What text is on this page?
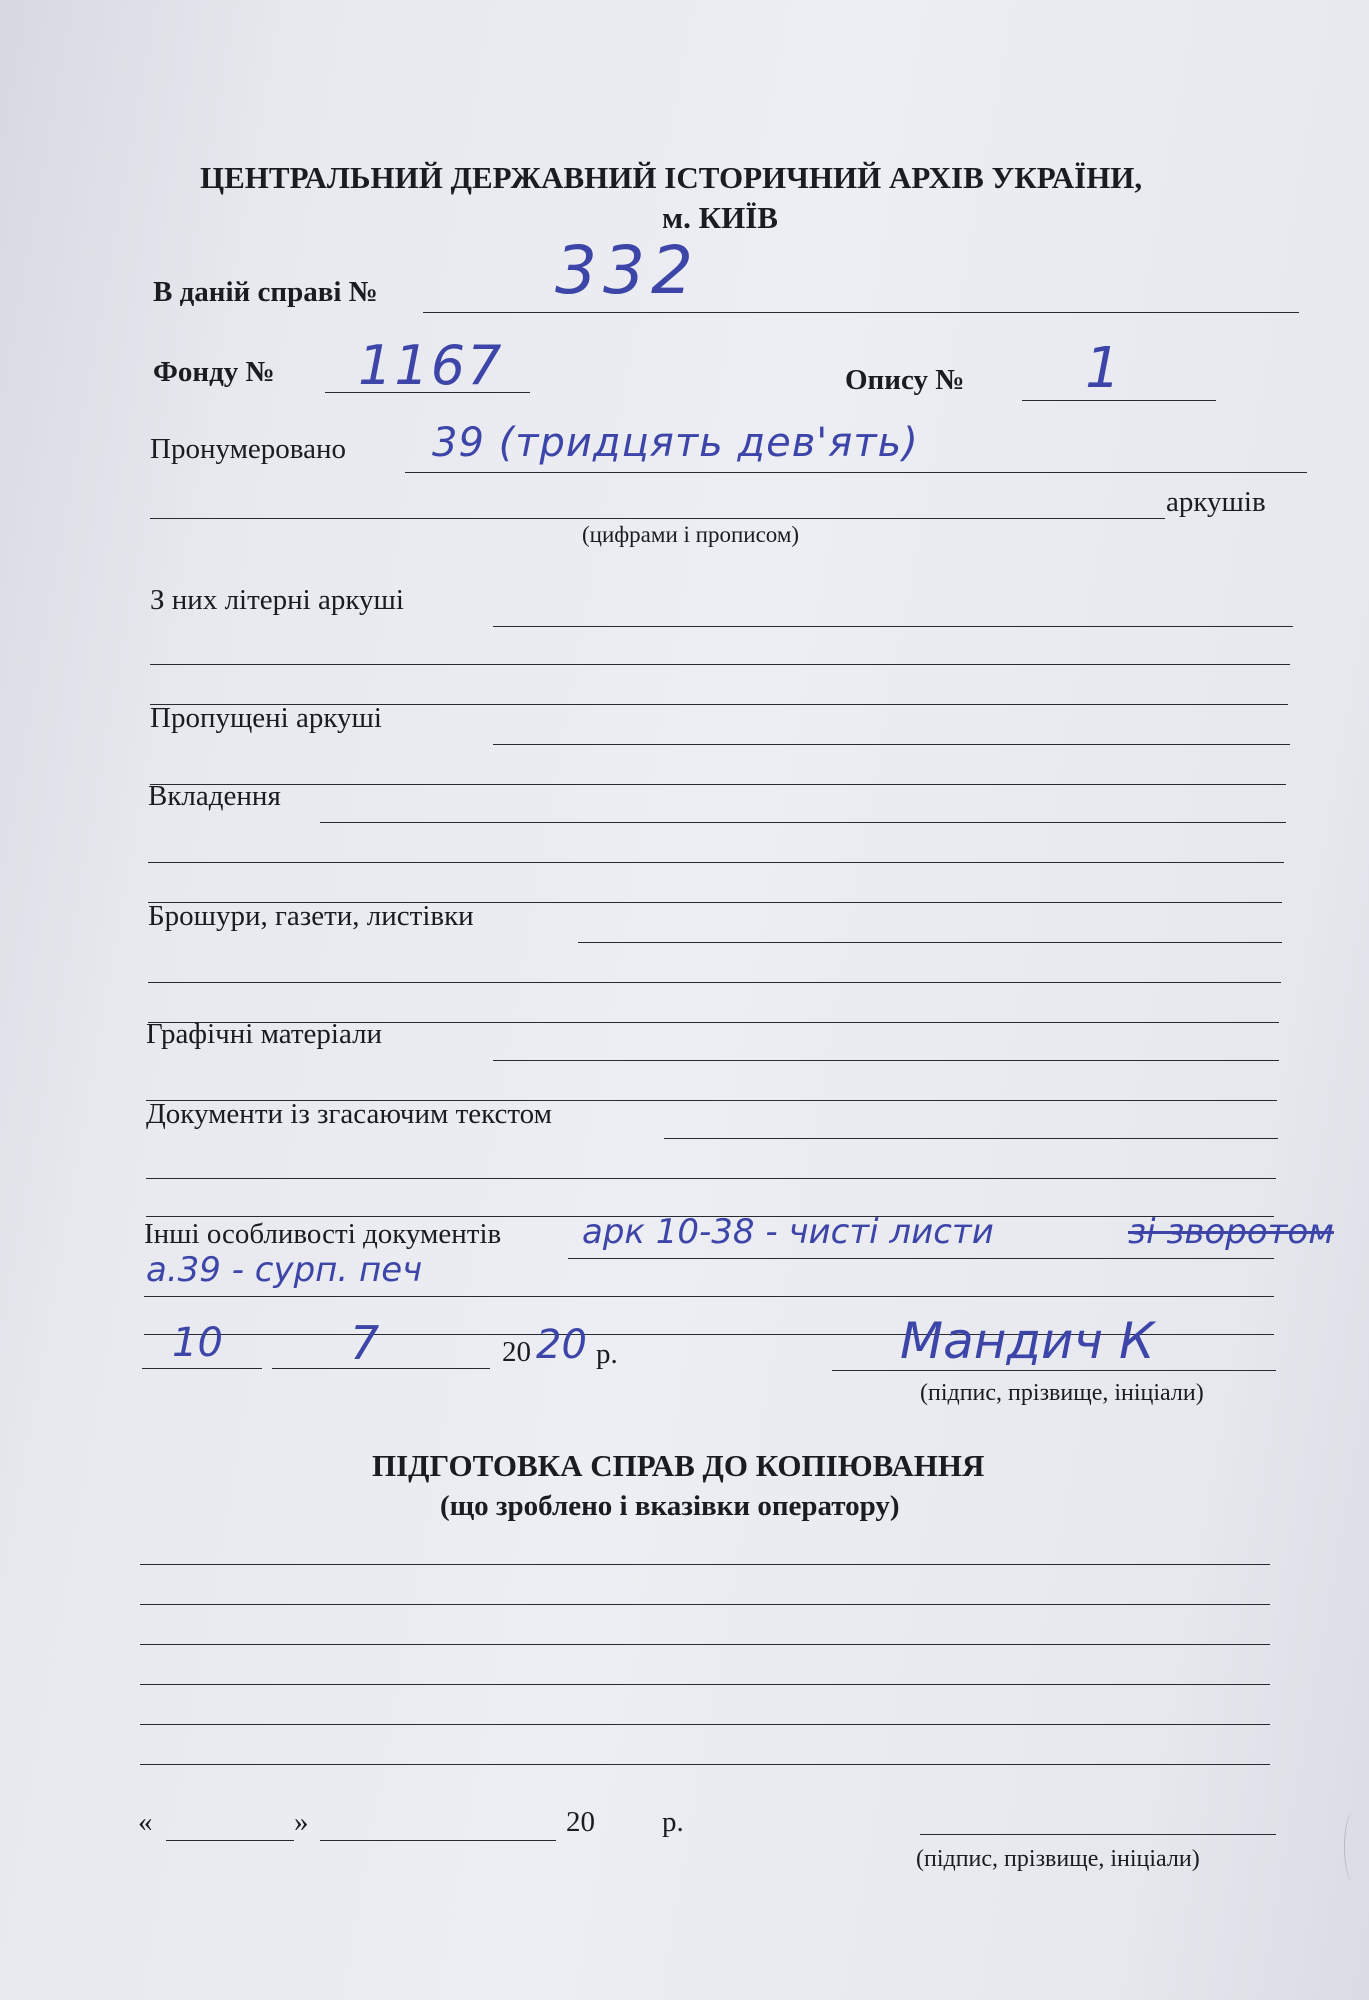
ЦЕНТРАЛЬНИЙ ДЕРЖАВНИЙ ІСТОРИЧНИЙ АРХІВ УКРАЇНИ,
м. КИЇВ
В даній справі №	332
Фонду № 1167	Опису № 1
Пронумеровано 39 (тридцять дев'ять)
аркушів
(цифрами і прописом)
З них літерні аркуші
Пропущені аркуші
Вкладення
Брошури, газети, листівки
Графічні матеріали
Документи із згасаючим текстом
Інші особливості документів арк 10-38 - чисті листи	зі зворотом
а.39 - сурп. печ
10	7	20 20 р.	Мандич К
(підпис, прізвище, ініціали)
ПІДГОТОВКА СПРАВ ДО КОПІЮВАННЯ
(що зроблено і вказівки оператору)
«	»	20 р.
(підпис, прізвище, ініціали)
